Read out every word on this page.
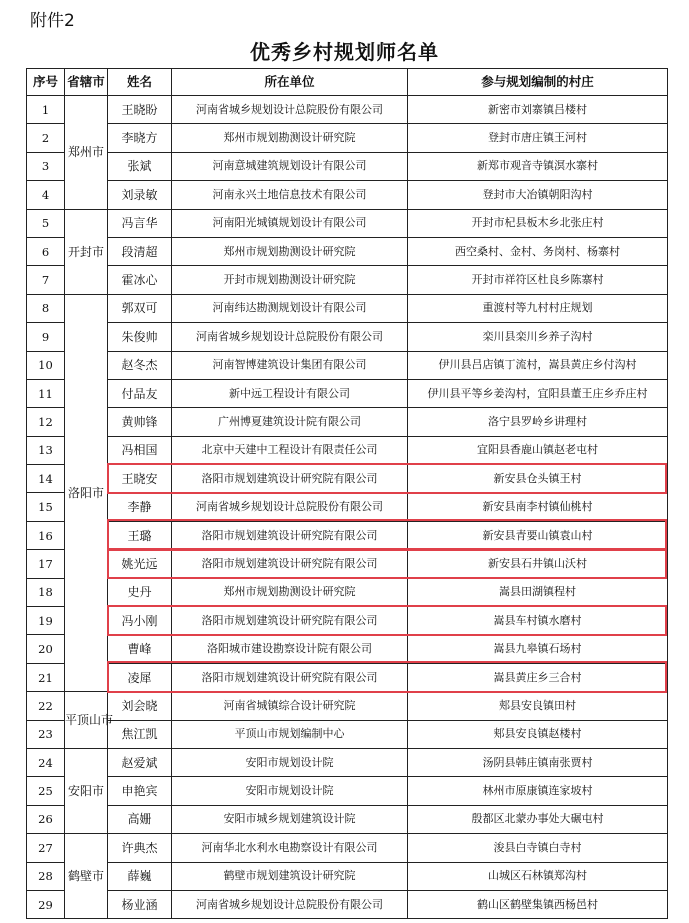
附件2
优秀乡村规划师名单
序号	省辖市	姓名	所在单位	参与规划编制的村庄
1	郑州市	王晓盼	河南省城乡规划设计总院股份有限公司	新密市刘寨镇吕楼村
2		李晓方	郑州市规划勘测设计研究院	登封市唐庄镇王河村
3		张斌	河南意城建筑规划设计有限公司	新郑市观音寺镇溟水寨村
4		刘录敏	河南永兴土地信息技术有限公司	登封市大冶镇朝阳沟村
5	开封市	冯言华	河南阳光城镇规划设计有限公司	开封市杞县板木乡北张庄村
6		段清超	郑州市规划勘测设计研究院	西空桑村、金村、务岗村、杨寨村
7		霍冰心	开封市规划勘测设计研究院	开封市祥符区杜良乡陈寨村
8	洛阳市	郭双可	河南纬达勘测规划设计有限公司	重渡村等九村村庄规划
9		朱俊帅	河南省城乡规划设计总院股份有限公司	栾川县栾川乡养子沟村
10		赵冬杰	河南智博建筑设计集团有限公司	伊川县吕店镇丁流村，嵩县黄庄乡付沟村
11		付品友	新中远工程设计有限公司	伊川县平等乡姜沟村，宜阳县董王庄乡乔庄村
12		黄帅锋	广州博夏建筑设计院有限公司	洛宁县罗岭乡讲理村
13		冯相国	北京中天建中工程设计有限责任公司	宜阳县香鹿山镇赵老屯村
14		王晓安	洛阳市规划建筑设计研究院有限公司	新安县仓头镇王村
15		李静	河南省城乡规划设计总院股份有限公司	新安县南李村镇仙桃村
16		王璐	洛阳市规划建筑设计研究院有限公司	新安县青要山镇袁山村
17		姚光远	洛阳市规划建筑设计研究院有限公司	新安县石井镇山沃村
18		史丹	郑州市规划勘测设计研究院	嵩县田湖镇程村
19		冯小刚	洛阳市规划建筑设计研究院有限公司	嵩县车村镇水磨村
20		曹峰	洛阳城市建设勘察设计院有限公司	嵩县九皋镇石场村
21		凌犀	洛阳市规划建筑设计研究院有限公司	嵩县黄庄乡三合村
22	平顶山市	刘会晓	河南省城镇综合设计研究院	郏县安良镇田村
23		焦江凯	平顶山市规划编制中心	郏县安良镇赵楼村
24	安阳市	赵爱斌	安阳市规划设计院	汤阴县韩庄镇南张贾村
25		申艳宾	安阳市规划设计院	林州市原康镇连家坡村
26		高姗	安阳市城乡规划建筑设计院	殷都区北蒙办事处大碾屯村
27	鹤壁市	许典杰	河南华北水利水电勘察设计有限公司	浚县白寺镇白寺村
28		薛巍	鹤壁市规划建筑设计研究院	山城区石林镇郑沟村
29		杨业涵	河南省城乡规划设计总院股份有限公司	鹤山区鹤壁集镇西杨邑村
